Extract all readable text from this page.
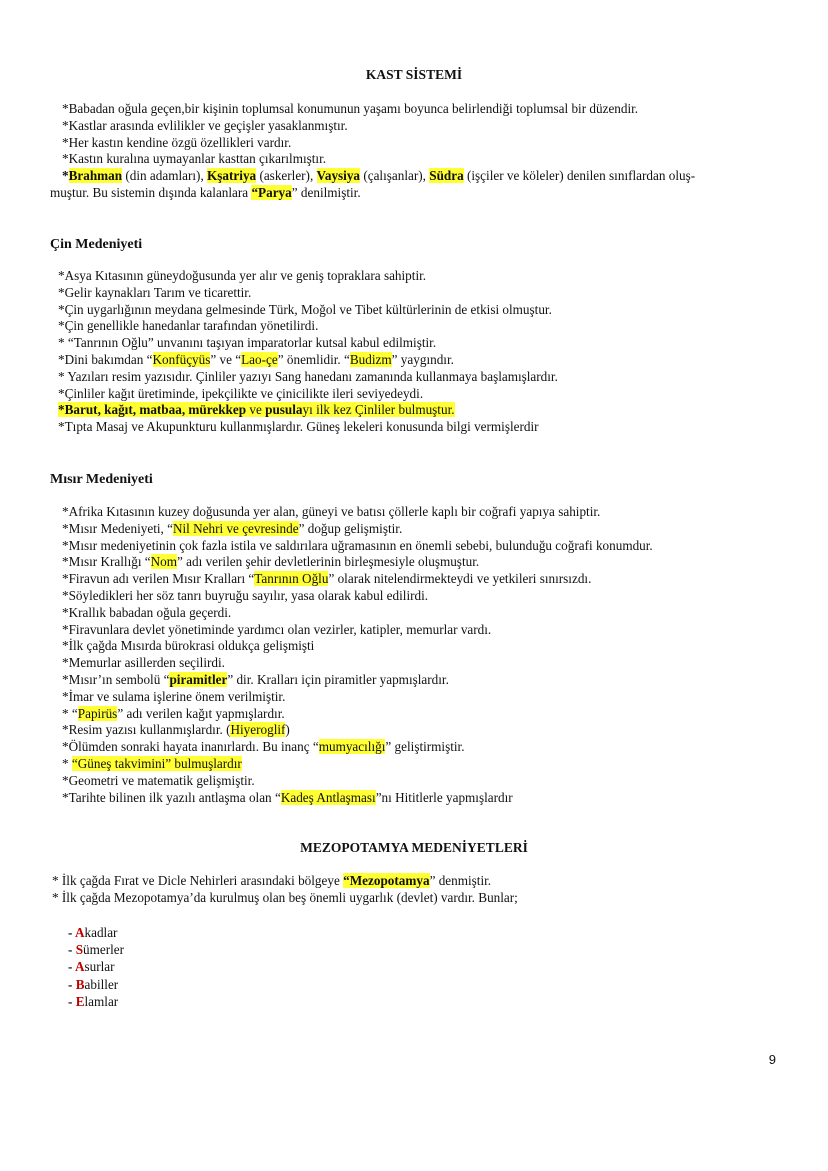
KAST SİSTEMİ
*Babadan oğula geçen,bir kişinin toplumsal konumunun yaşamı boyunca belirlendiği toplumsal bir düzendir.
*Kastlar arasında evlilikler ve geçişler yasaklanmıştır.
*Her kastın kendine özgü özellikleri vardır.
*Kastın kuralına uymayanlar kasttan çıkarılmıştır.
*Brahman (din adamları), Kşatriya (askerler), Vaysiya (çalışanlar), Südra (işçiler ve köleler) denilen sınıflardan oluş-
muştur. Bu sistemin dışında kalanlara “Parya” denilmiştir.
Çin Medeniyeti
*Asya Kıtasının güneydoğusunda yer alır ve geniş topraklara sahiptir.
*Gelir kaynakları Tarım ve ticarettir.
*Çin uygarlığının meydana gelmesinde Türk, Moğol ve Tibet kültürlerinin de etkisi olmuştur.
*Çin genellikle hanedanlar tarafından yönetilirdi.
* “Tanrının Oğlu” unvanını taşıyan imparatorlar kutsal kabul edilmiştir.
*Dini bakımdan “Konfüçyüs” ve “Lao-çe” önemlidir. “Budizm” yaygındır.
* Yazıları resim yazısıdır. Çinliler yazıyı Sang hanedanı zamanında kullanmaya başlamışlardır.
*Çinliler kağıt üretiminde, ipekçilikte ve çinicilikte ileri seviyedeydi.
*Barut, kağıt, matbaa, mürekkep ve pusulayı ilk kez Çinliler bulmuştur.
*Tıpta Masaj ve Akupunkturu kullanmışlardır. Güneş lekeleri konusunda bilgi vermişlerdir
Mısır Medeniyeti
*Afrika Kıtasının kuzey doğusunda yer alan, güneyi ve batısı çöllerle kaplı bir coğrafi yapıya sahiptir.
*Mısır Medeniyeti, “Nil Nehri ve çevresinde” doğup gelişmiştir.
*Mısır medeniyetinin çok fazla istila ve saldırılara uğramasının en önemli sebebi, bulunduğu coğrafi konumdur.
*Mısır Krallığı “Nom” adı verilen şehir devletlerinin birleşmesiyle oluşmuştur.
*Firavun adı verilen Mısır Kralları “Tanrının Oğlu” olarak nitelendirmekteydi ve yetkileri sınırsızdı.
*Söyledikleri her söz tanrı buyruğu sayılır, yasa olarak kabul edilirdi.
*Krallık babadan oğula geçerdi.
*Firavunlara devlet yönetiminde yardımcı olan vezirler, katipler, memurlar vardı.
*İlk çağda Mısırda bürokrasi oldukça gelişmişti
*Memurlar asillerden seçilirdi.
*Mısır’ın sembolü “piramitler” dir. Kralları için piramitler yapmışlardır.
*İmar ve sulama işlerine önem verilmiştir.
* “Papirüs” adı verilen kağıt yapmışlardır.
*Resim yazısı kullanmışlardır. (Hiyeroglif)
*Ölümden sonraki hayata inanırlardı. Bu inanç “mumyacılığı” geliştirmiştir.
* “Güneş takvimini” bulmuşlardır
*Geometri ve matematik gelişmiştir.
*Tarihte bilinen ilk yazılı antlaşma olan “Kadeş Antlaşması”nı Hititlerle yapmışlardır
MEZOPOTAMYA MEDENİYETLERİ
* İlk çağda Fırat ve Dicle Nehirleri arasındaki bölgeye “Mezopotamya” denmiştir.
* İlk çağda Mezopotamya’da kurulmuş olan beş önemli uygarlık (devlet) vardır. Bunlar;
- Akadlar
- Sümerler
- Asurlar
- Babiller
- Elamlar
9
